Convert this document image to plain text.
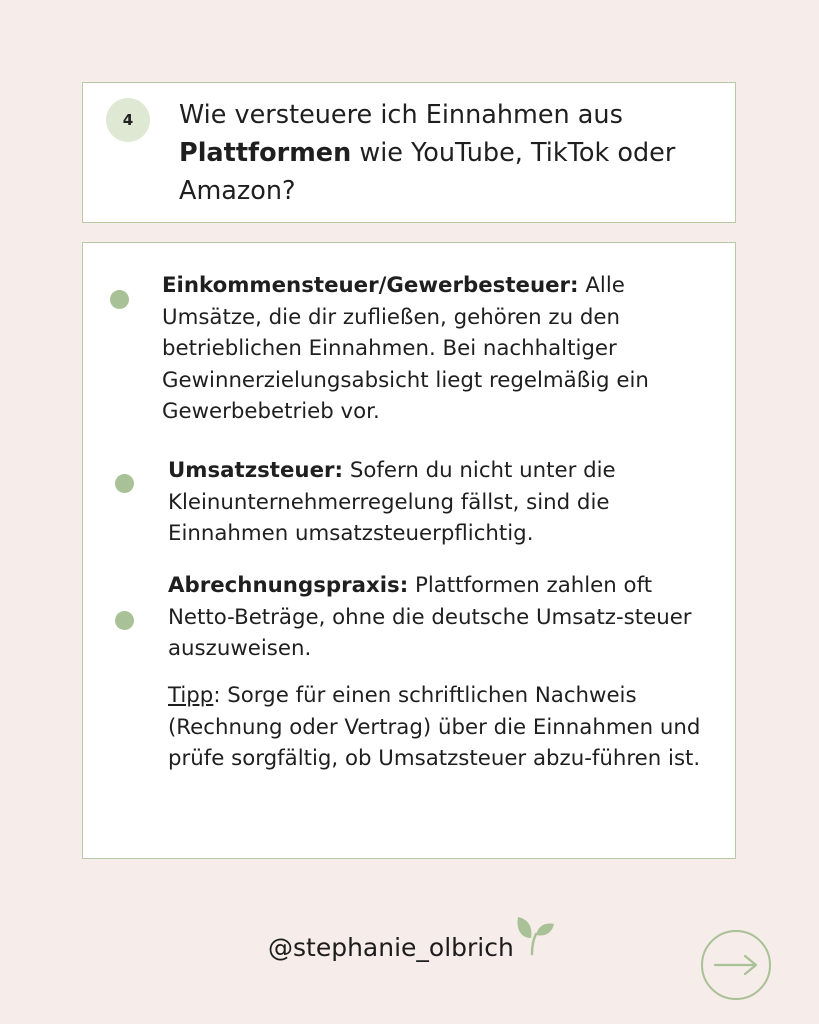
4	Wie versteuere ich Einnahmen aus
Plattformen wie YouTube, TikTok oder
Amazon?

Einkommensteuer/Gewerbesteuer: Alle Umsätze, die dir zufließen, gehören zu den betrieblichen Einnahmen. Bei nachhaltiger Gewinnerzielungsabsicht liegt regelmäßig ein Gewerbebetrieb vor.

Umsatzsteuer: Sofern du nicht unter die Kleinunternehmerregelung fällst, sind die Einnahmen umsatzsteuerpflichtig.

Abrechnungspraxis: Plattformen zahlen oft Netto-Beträge, ohne die deutsche Umsatz-steuer auszuweisen.

Tipp: Sorge für einen schriftlichen Nachweis (Rechnung oder Vertrag) über die Einnahmen und prüfe sorgfältig, ob Umsatzsteuer abzu-führen ist.

@stephanie_olbrich
